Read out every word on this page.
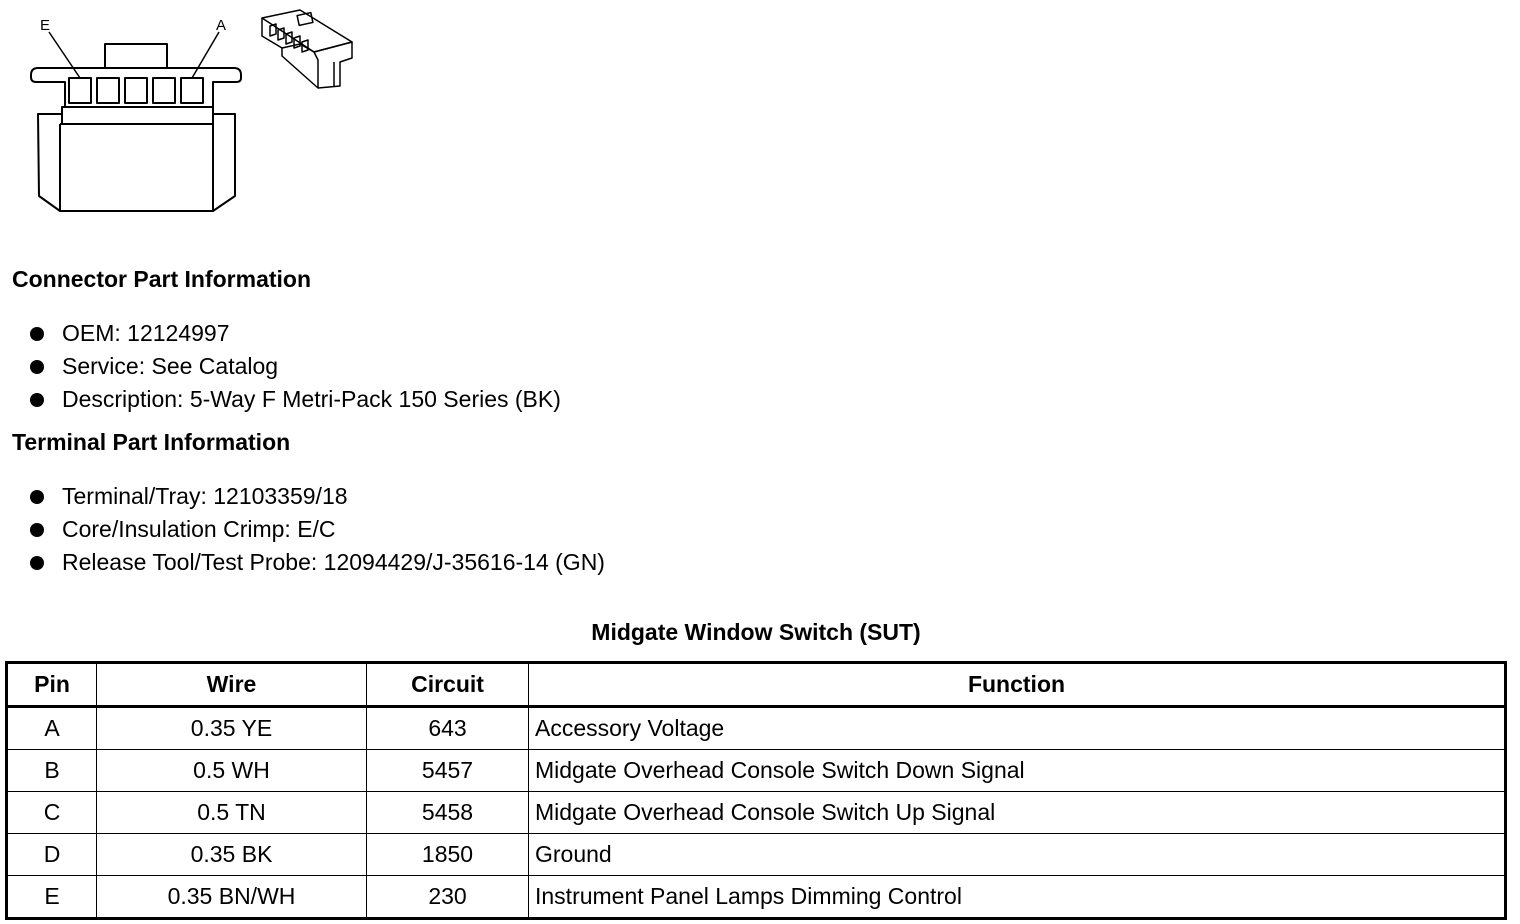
E	A
Connector Part Information
OEM: 12124997
Service: See Catalog
Description: 5-Way F Metri-Pack 150 Series (BK)
Terminal Part Information
Terminal/Tray: 12103359/18
Core/Insulation Crimp: E/C
Release Tool/Test Probe: 12094429/J-35616-14 (GN)
Midgate Window Switch (SUT)
Pin	Wire	Circuit	Function
A	0.35 YE	643	Accessory Voltage
B	0.5 WH	5457	Midgate Overhead Console Switch Down Signal
C	0.5 TN	5458	Midgate Overhead Console Switch Up Signal
D	0.35 BK	1850	Ground
E	0.35 BN/WH	230	Instrument Panel Lamps Dimming Control
